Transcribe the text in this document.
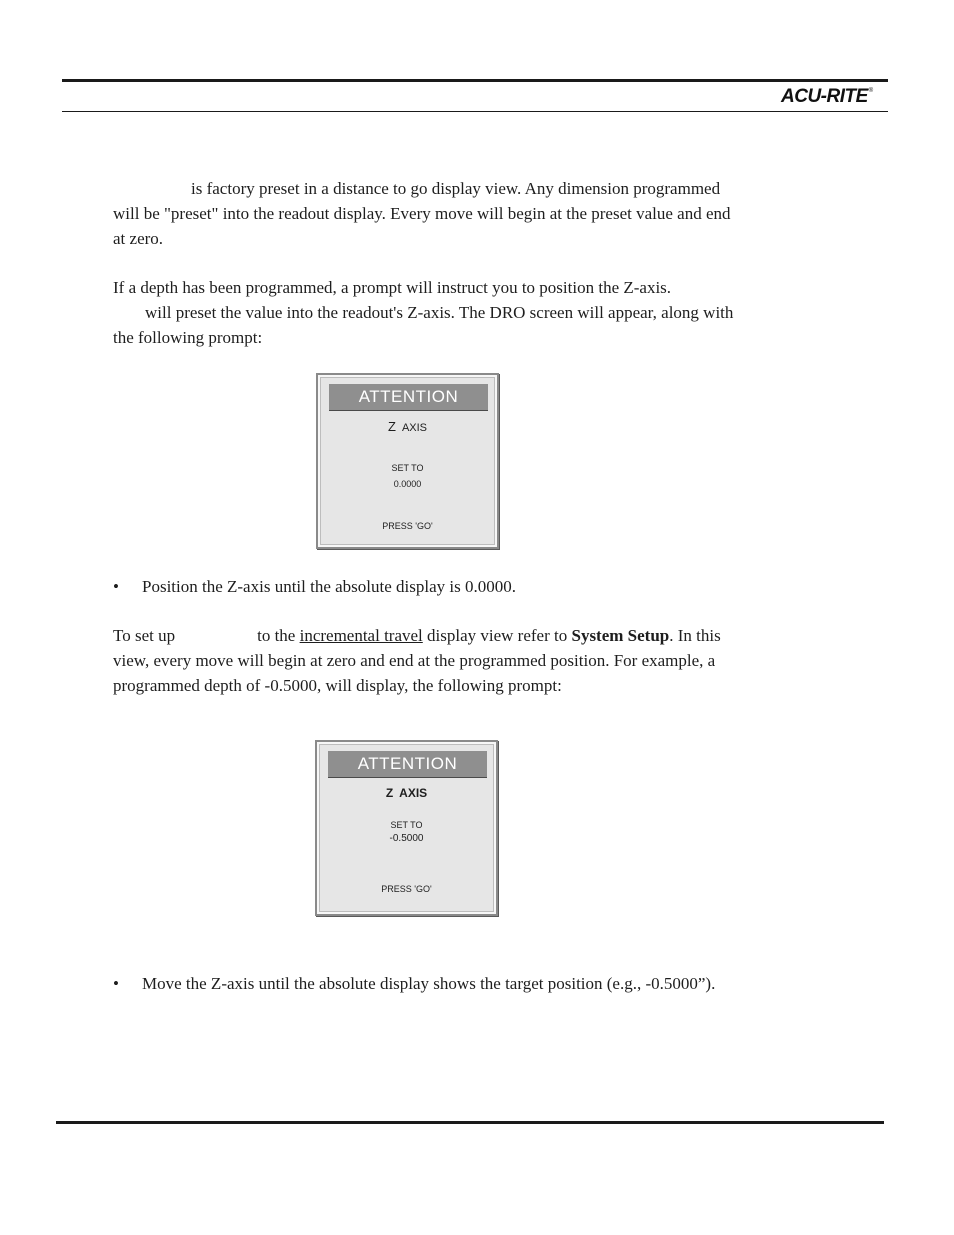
ACU-RITE®
is factory preset in a distance to go display view. Any dimension programmed
will be "preset" into the readout display. Every move will begin at the preset value and end
at zero.
If a depth has been programmed, a prompt will instruct you to position the Z-axis.
will preset the value into the readout's Z-axis. The DRO screen will appear, along with
the following prompt:
ATTENTION
Z AXIS
SET TO
0.0000
PRESS 'GO'
• Position the Z-axis until the absolute display is 0.0000.
To set up	to the incremental travel display view refer to System Setup. In this
view, every move will begin at zero and end at the programmed position. For example, a
programmed depth of -0.5000, will display, the following prompt:
ATTENTION
Z AXIS
SET TO
-0.5000
PRESS 'GO'
• Move the Z-axis until the absolute display shows the target position (e.g., -0.5000”).
